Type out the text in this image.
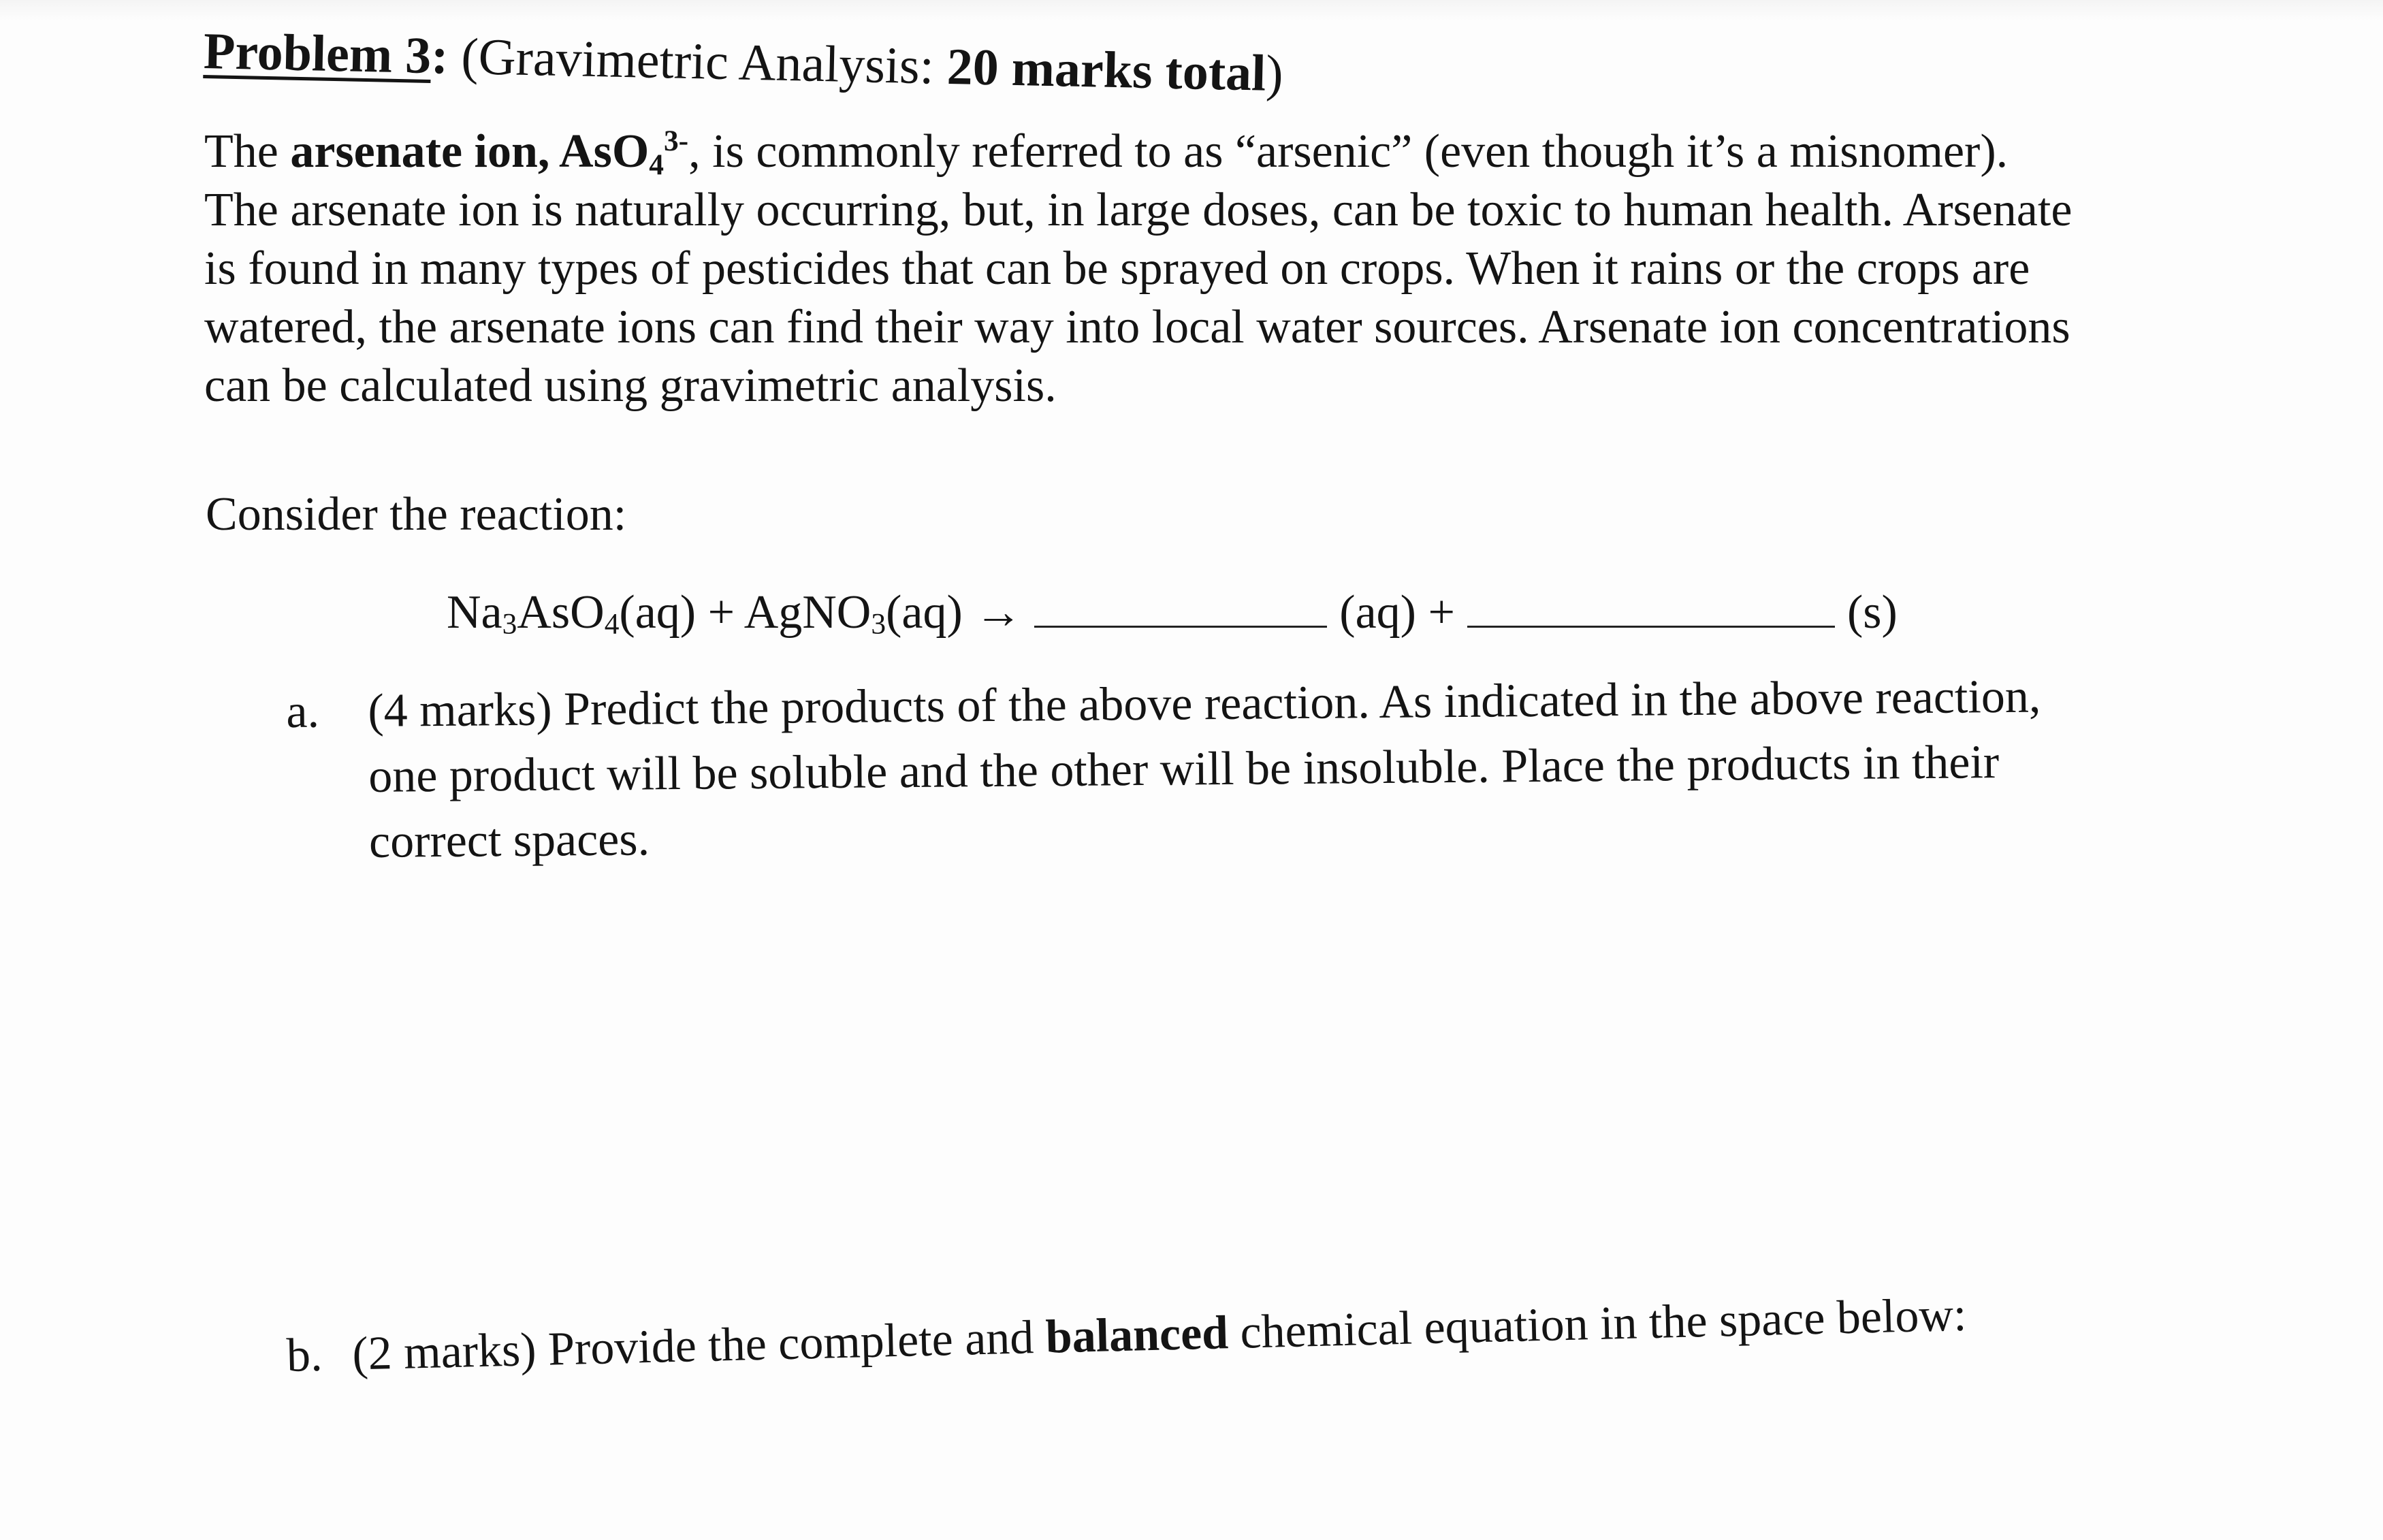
Problem 3: (Gravimetric Analysis: 20 marks total)
The arsenate ion, AsO$_4^{3-}$, is commonly referred to as “arsenic” (even though it’s a misnomer).
The arsenate ion is naturally occurring, but, in large doses, can be toxic to human health. Arsenate
is found in many types of pesticides that can be sprayed on crops. When it rains or the crops are
watered, the arsenate ions can find their way into local water sources. Arsenate ion concentrations
can be calculated using gravimetric analysis.
Consider the reaction:
$Na_3AsO_4(aq)$ + AgNO$_3$(aq) →	(aq) +	(s)
a. (4 marks) Predict the products of the above reaction. As indicated in the above reaction,
one product will be soluble and the other will be insoluble. Place the products in their
correct spaces.
b. (2 marks) Provide the complete and balanced chemical equation in the space below:
